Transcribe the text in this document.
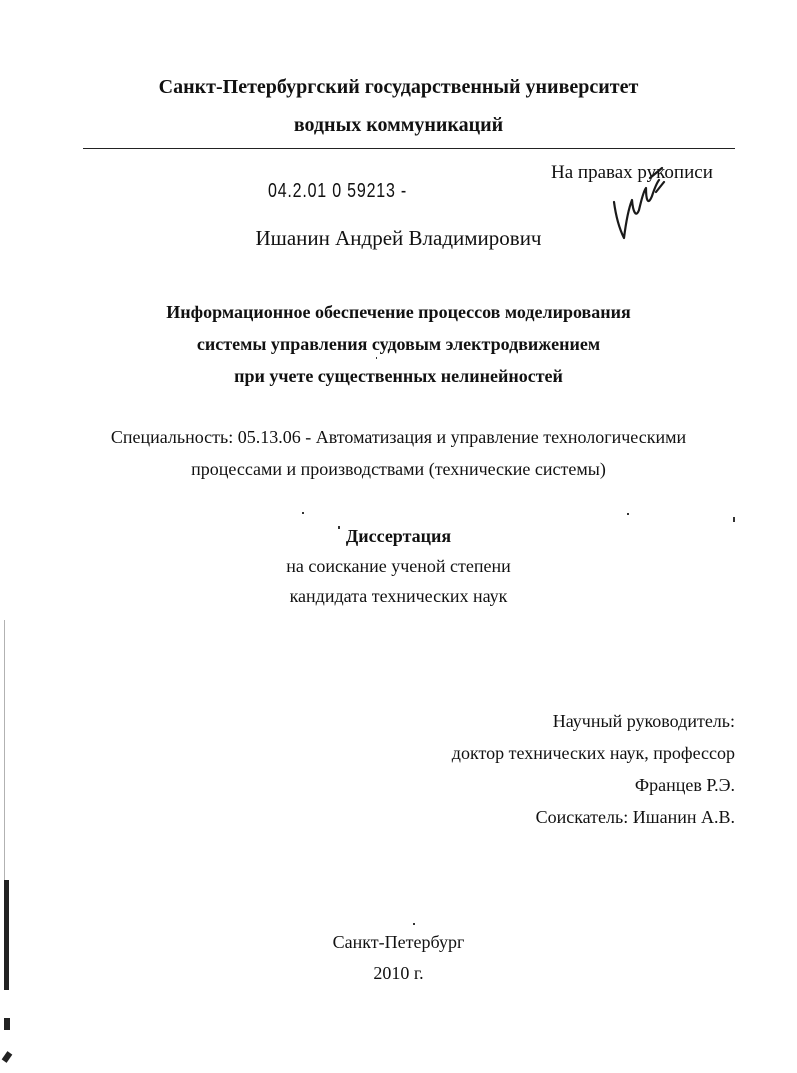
Санкт-Петербургский государственный университет
водных коммуникаций
04.2.01 0 59213 -
На правах рукописи
Ишанин Андрей Владимирович
Информационное обеспечение процессов моделирования
системы управления судовым электродвижением
при учете существенных нелинейностей
Специальность: 05.13.06 - Автоматизация и управление технологическими
процессами и производствами (технические системы)
Диссертация
на соискание ученой степени
кандидата технических наук
Научный руководитель:
доктор технических наук, профессор
Францев Р.Э.
Соискатель: Ишанин А.В.
Санкт-Петербург
2010 г.
